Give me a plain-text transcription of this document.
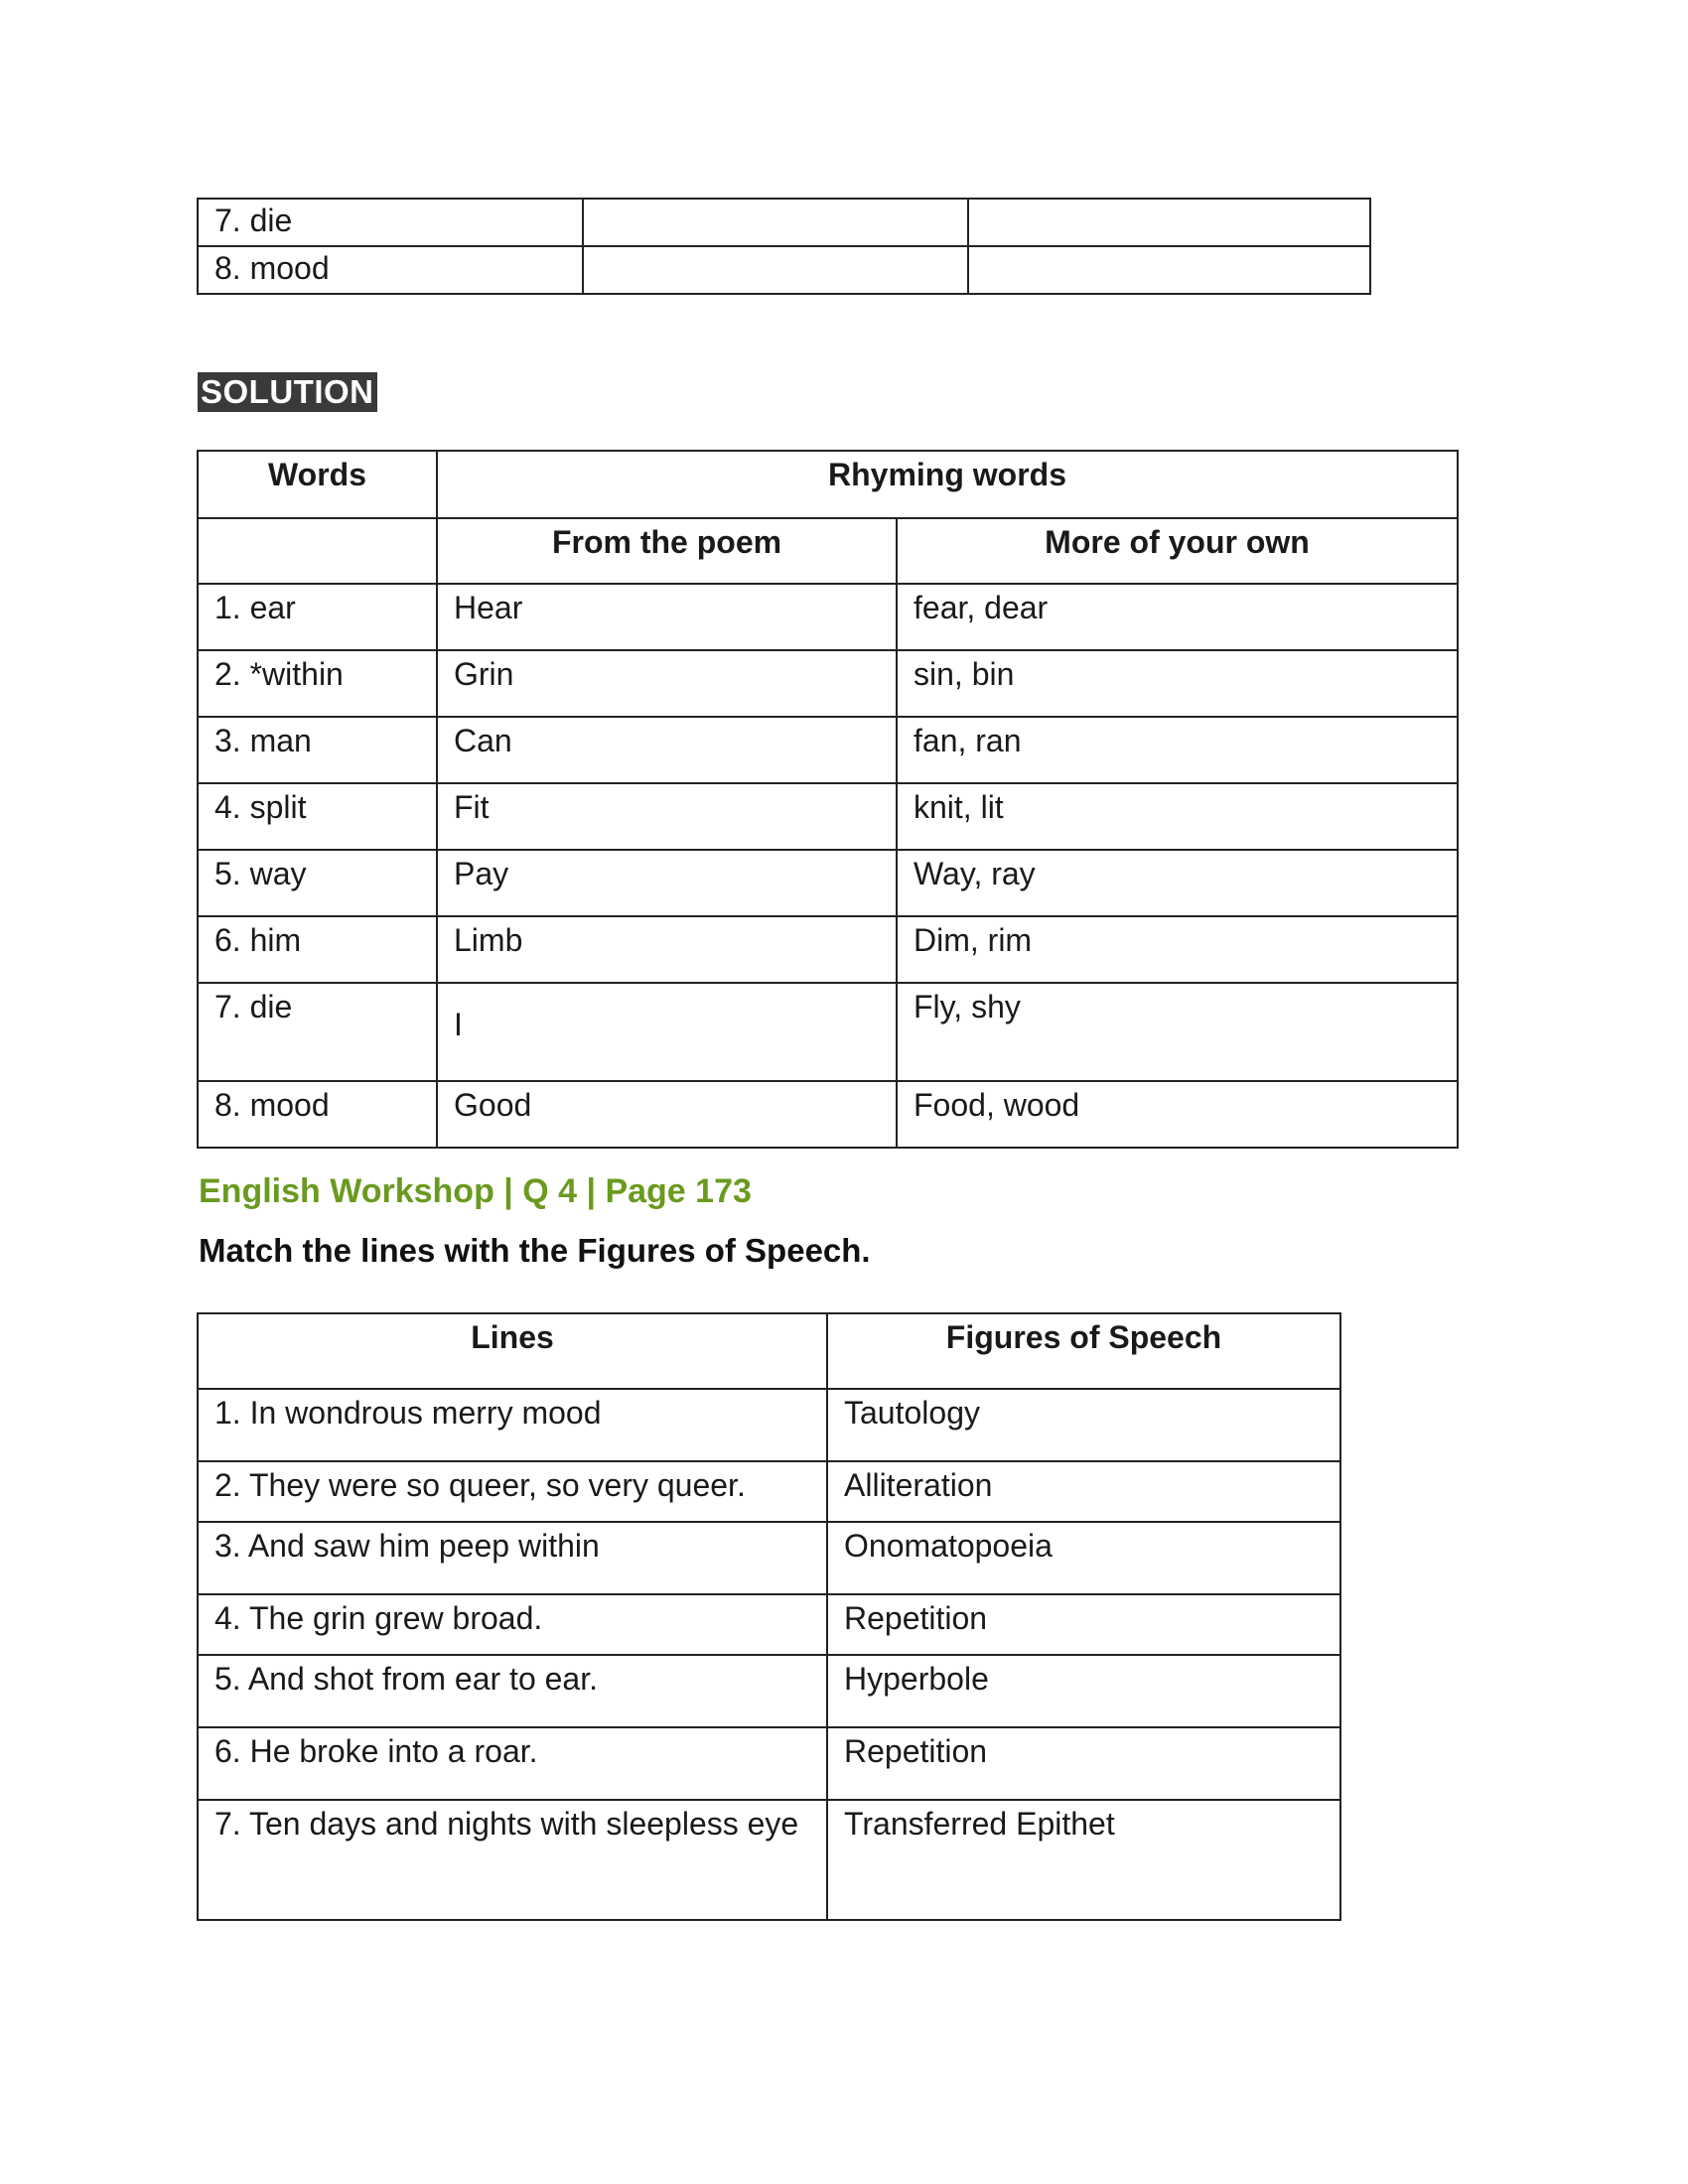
7. die		
8. mood		
SOLUTION
Words	Rhyming words	
	From the poem	More of your own
1. ear	Hear	fear, dear
2. *within	Grin	sin, bin
3. man	Can	fan, ran
4. split	Fit	knit, lit
5. way	Pay	Way, ray
6. him	Limb	Dim, rim
7. die	I	Fly, shy
8. mood	Good	Food, wood
English Workshop | Q 4 | Page 173
Match the lines with the Figures of Speech.
Lines	Figures of Speech
1. In wondrous merry mood	Tautology
2. They were so queer, so very queer.	Alliteration
3. And saw him peep within	Onomatopoeia
4. The grin grew broad.	Repetition
5. And shot from ear to ear.	Hyperbole
6. He broke into a roar.	Repetition
7. Ten days and nights with sleepless eye	Transferred Epithet
